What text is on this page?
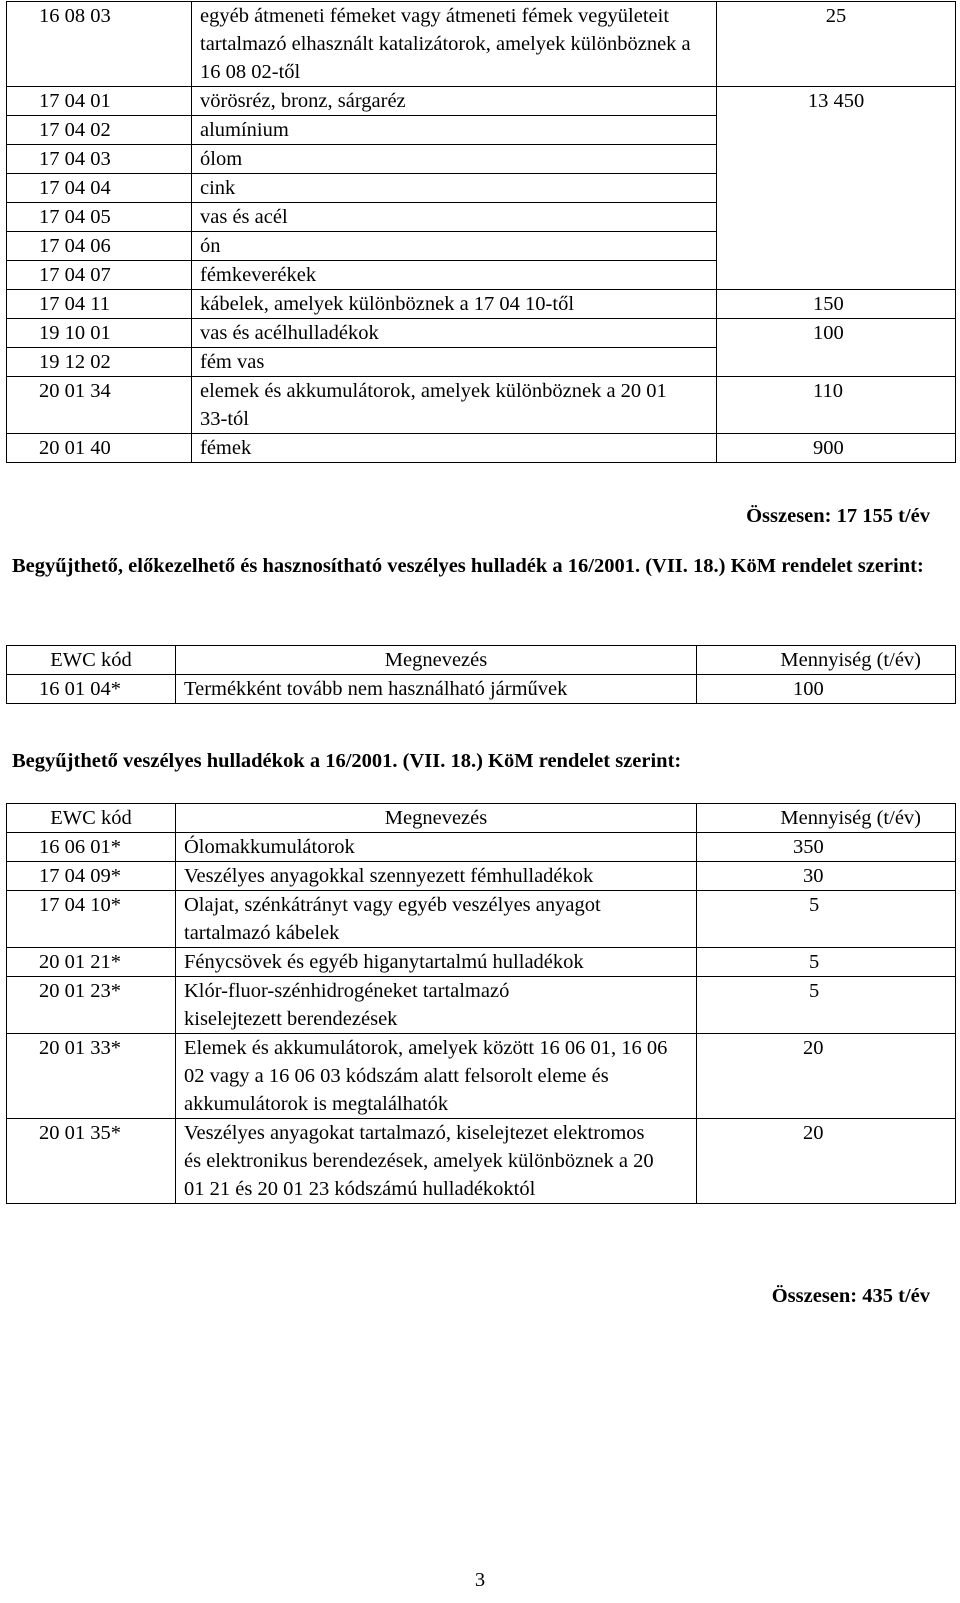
16 08 03	egyéb átmeneti fémeket vagy átmeneti fémek vegyületeit tartalmazó elhasznált katalizátorok, amelyek különböznek a 16 08 02-től	25
17 04 01	vörösréz, bronz, sárgaréz	13 450
17 04 02	alumínium	
17 04 03	ólom	
17 04 04	cink	
17 04 05	vas és acél	
17 04 06	ón	
17 04 07	fémkeverékek	
17 04 11	kábelek, amelyek különböznek a 17 04 10-től	150
19 10 01	vas és acélhulladékok	100
19 12 02	fém vas	
20 01 34	elemek és akkumulátorok, amelyek különböznek a 20 01 33-tól	110
20 01 40	fémek	900
Összesen: 17 155 t/év
Begyűjthető, előkezelhető és hasznosítható veszélyes hulladék a 16/2001. (VII. 18.) KöM rendelet szerint:
EWC kód	Megnevezés	Mennyiség (t/év)
16 01 04*	Termékként tovább nem használható járművek	100
Begyűjthető veszélyes hulladékok a 16/2001. (VII. 18.) KöM rendelet szerint:
EWC kód	Megnevezés	Mennyiség (t/év)
16 06 01*	Ólomakkumulátorok	350
17 04 09*	Veszélyes anyagokkal szennyezett fémhulladékok	30
17 04 10*	Olajat, szénkátrányt vagy egyéb veszélyes anyagot tartalmazó kábelek	5
20 01 21*	Fénycsövek és egyéb higanytartalmú hulladékok	5
20 01 23*	Klór-fluor-szénhidrogéneket tartalmazó kiselejtezett berendezések	5
20 01 33*	Elemek és akkumulátorok, amelyek között 16 06 01, 16 06 02 vagy a 16 06 03 kódszám alatt felsorolt eleme és akkumulátorok is megtalálhatók	20
20 01 35*	Veszélyes anyagokat tartalmazó, kiselejtezet elektromos és elektronikus berendezések, amelyek különböznek a 20 01 21 és 20 01 23 kódszámú hulladékoktól	20
Összesen: 435 t/év
3
